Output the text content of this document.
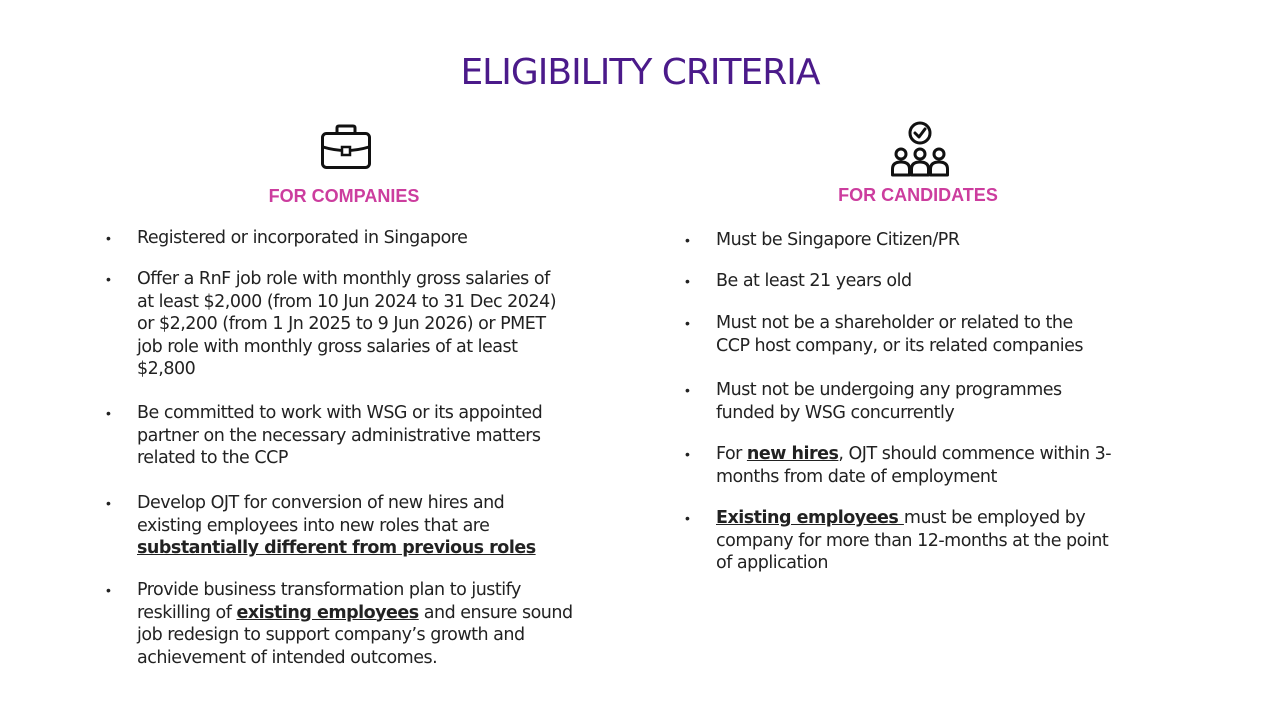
ELIGIBILITY CRITERIA
FOR COMPANIES	FOR CANDIDATES
• Registered or incorporated in Singapore
• Offer a RnF job role with monthly gross salaries of
at least $2,000 (from 10 Jun 2024 to 31 Dec 2024)
or $2,200 (from 1 Jn 2025 to 9 Jun 2026) or PMET
job role with monthly gross salaries of at least
$2,800
• Be committed to work with WSG or its appointed
partner on the necessary administrative matters
related to the CCP
• Develop OJT for conversion of new hires and
existing employees into new roles that are
substantially different from previous roles
• Provide business transformation plan to justify
reskilling of existing employees and ensure sound
job redesign to support company’s growth and
achievement of intended outcomes.
• Must be Singapore Citizen/PR
• Be at least 21 years old
• Must not be a shareholder or related to the
CCP host company, or its related companies
• Must not be undergoing any programmes
funded by WSG concurrently
• For new hires, OJT should commence within 3-
months from date of employment
• Existing employees must be employed by
company for more than 12-months at the point
of application
